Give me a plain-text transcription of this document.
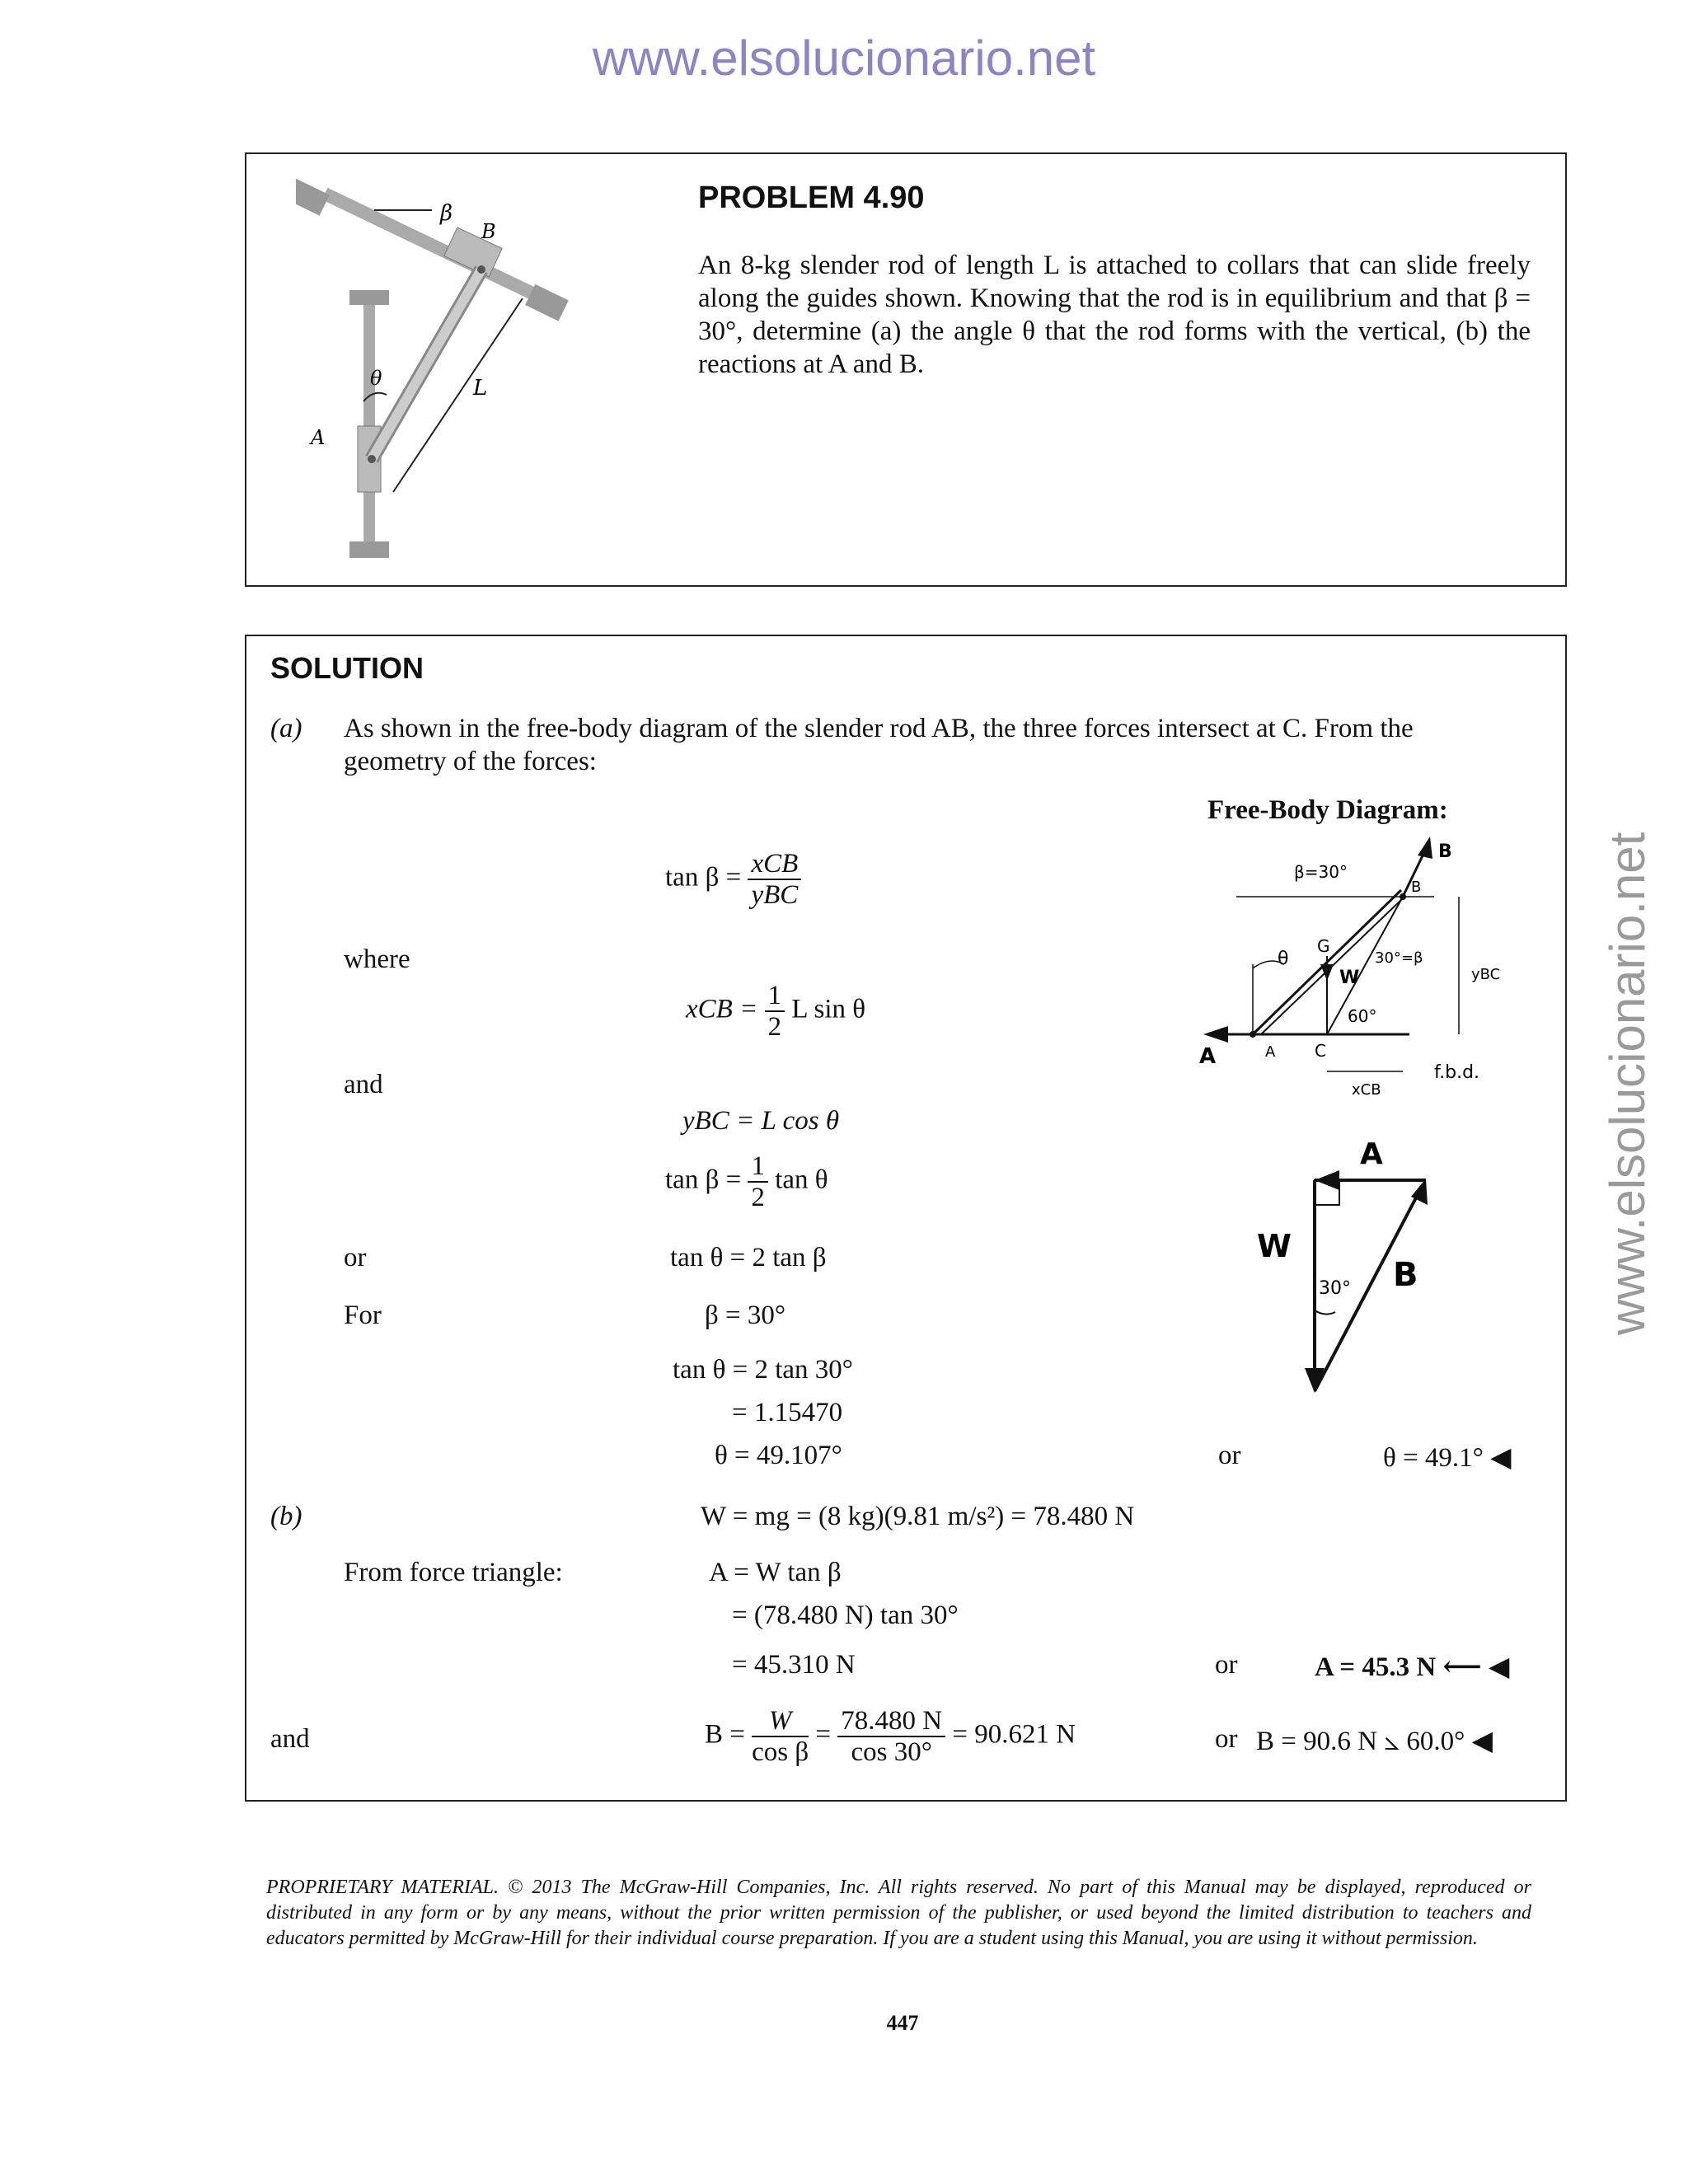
www.elsolucionario.net
www.elsolucionario.net
β
B
θ	L
A
PROBLEM 4.90
An 8-kg slender rod of length L is attached to collars that can slide freely along the guides shown. Knowing that the rod is in equilibrium and that β = 30°, determine (a) the angle θ that the rod forms with the vertical, (b) the reactions at A and B.
SOLUTION
(a) As shown in the free-body diagram of the slender rod AB, the three forces intersect at C. From the geometry of the forces:
Free-Body Diagram:
β=30°
B
B
G
θ
W
30°=β
yBC
60°
A	A C
xCB
f.b.d.
A
W
B
30°
$\tan \beta = \frac{\text{xCB}}{\text{yBC}}$
where
xCB = $\frac{1}{2}$ L sin θ
and
yBC = L cos θ
$\tan \beta = \frac{1}{2}$ tan θ
or	tan θ = 2 tan β
For	β = 30°
tan θ = 2 tan 30°
= 1.15470
θ = 49.107°	or	θ = 49.1° ◀
(b)	W = mg = (8 kg)(9.81 m/s²) = 78.480 N
From force triangle:	A = W tan β
= (78.480 N) tan 30°
= 45.310 N	or	A = 45.3 N ⟵ ◀
and	$B = \frac{W}{\text{cos β}} = \frac{78.480 N}{\cos 30^\circ} = 90.621$ N	or B = 90.6 N ⦣ 60.0° ◀
PROPRIETARY MATERIAL. © 2013 The McGraw-Hill Companies, Inc. All rights reserved. No part of this Manual may be displayed, reproduced or distributed in any form or by any means, without the prior written permission of the publisher, or used beyond the limited distribution to teachers and educators permitted by McGraw-Hill for their individual course preparation. If you are a student using this Manual, you are using it without permission.
447
